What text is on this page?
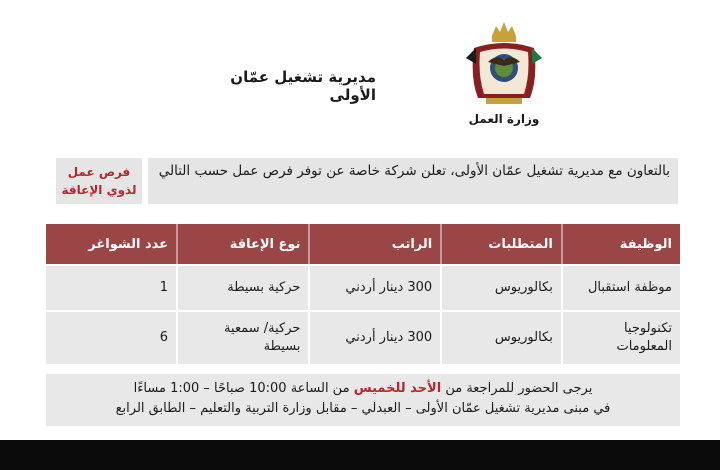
مديرية تشغيل عمّان الأولى
وزارة العمل
فرص عمل
لذوي الإعاقة
بالتعاون مع مديرية تشغيل عمّان الأولى، تعلن شركة خاصة عن توفر فرص عمل حسب التالي
الوظيفة	المتطلبات	الراتب	نوع الإعاقة	عدد الشواغر
موظفة استقبال	بكالوريوس	300 دينار أردني	حركية بسيطة	1
تكنولوجيا المعلومات	بكالوريوس	300 دينار أردني	حركية/ سمعية بسيطة	6
يرجى الحضور للمراجعة من الأحد للخميس من الساعة 10:00 صباحًا – 1:00 مساءًا
في مبنى مديرية تشغيل عمّان الأولى – العبدلي – مقابل وزارة التربية والتعليم – الطابق الرابع
